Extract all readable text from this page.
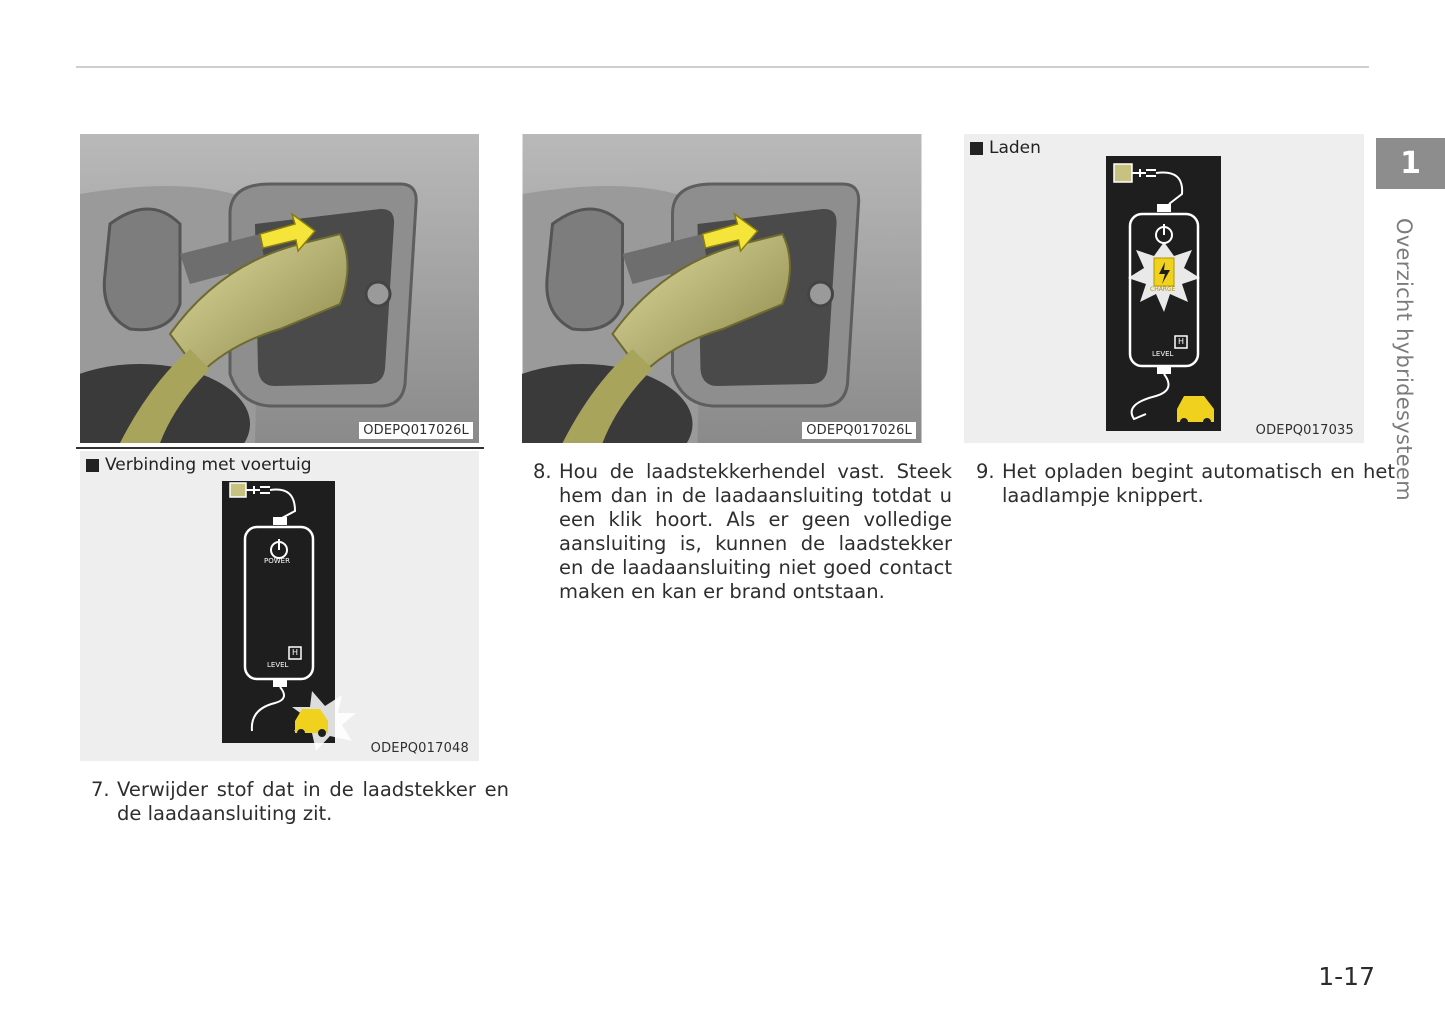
ODEPQ017026L
Verbinding met voertuig
POWER
LEVEL
H
ODEPQ017048
7. Verwijder stof dat in de laadstekker en de laadaansluiting zit.
ODEPQ017026L
8. Hou de laadstekkerhendel vast. Steek hem dan in de laadaansluiting totdat u een klik hoort. Als er geen volledige aansluiting is, kunnen de laadstekker en de laadaansluiting niet goed contact maken en kan er brand ontstaan.
Laden
CHARGE
LEVEL
H
ODEPQ017035
9. Het opladen begint automatisch en het laadlampje knippert.
1
Overzicht hybridesysteem
1-17
